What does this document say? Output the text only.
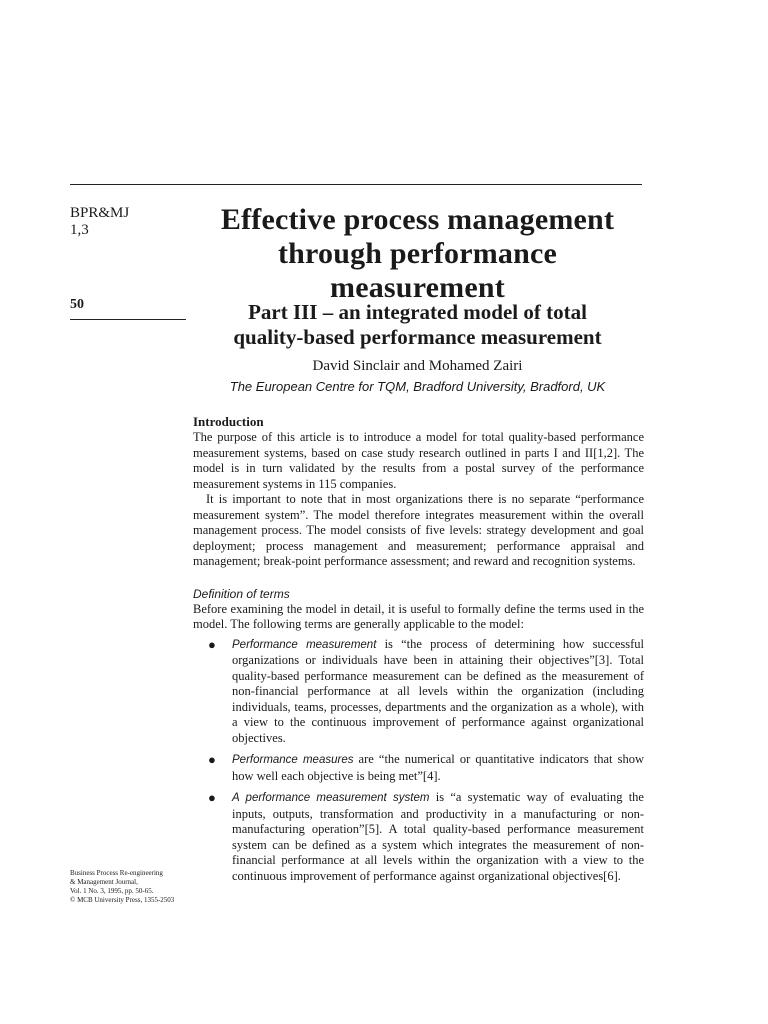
BPR&MJ
1,3
50
Business Process Re-engineering
& Management Journal,
Vol. 1 No. 3, 1995, pp. 50-65.
© MCB University Press, 1355-2503
Effective process management
through performance
measurement
Part III – an integrated model of total
quality-based performance measurement
David Sinclair and Mohamed Zairi
The European Centre for TQM, Bradford University, Bradford, UK
Introduction

The purpose of this article is to introduce a model for total quality-based performance measurement systems, based on case study research outlined in parts I and II[1,2]. The model is in turn validated by the results from a postal survey of the performance measurement systems in 115 companies.

It is important to note that in most organizations there is no separate “performance measurement system”. The model therefore integrates measurement within the overall management process. The model consists of five levels: strategy development and goal deployment; process management and measurement; performance appraisal and management; break-point performance assessment; and reward and recognition systems.

Definition of terms

Before examining the model in detail, it is useful to formally define the terms used in the model. The following terms are generally applicable to the model:

● Performance measurement is “the process of determining how successful organizations or individuals have been in attaining their objectives”[3]. Total quality-based performance measurement can be defined as the measurement of non-financial performance at all levels within the organization (including individuals, teams, processes, departments and the organization as a whole), with a view to the continuous improvement of performance against organizational objectives.
● Performance measures are “the numerical or quantitative indicators that show how well each objective is being met”[4].
● A performance measurement system is “a systematic way of evaluating the inputs, outputs, transformation and productivity in a manufacturing or non-manufacturing operation”[5]. A total quality-based performance measurement system can be defined as a system which integrates the measurement of non-financial performance at all levels within the organization with a view to the continuous improvement of performance against organizational objectives[6].
